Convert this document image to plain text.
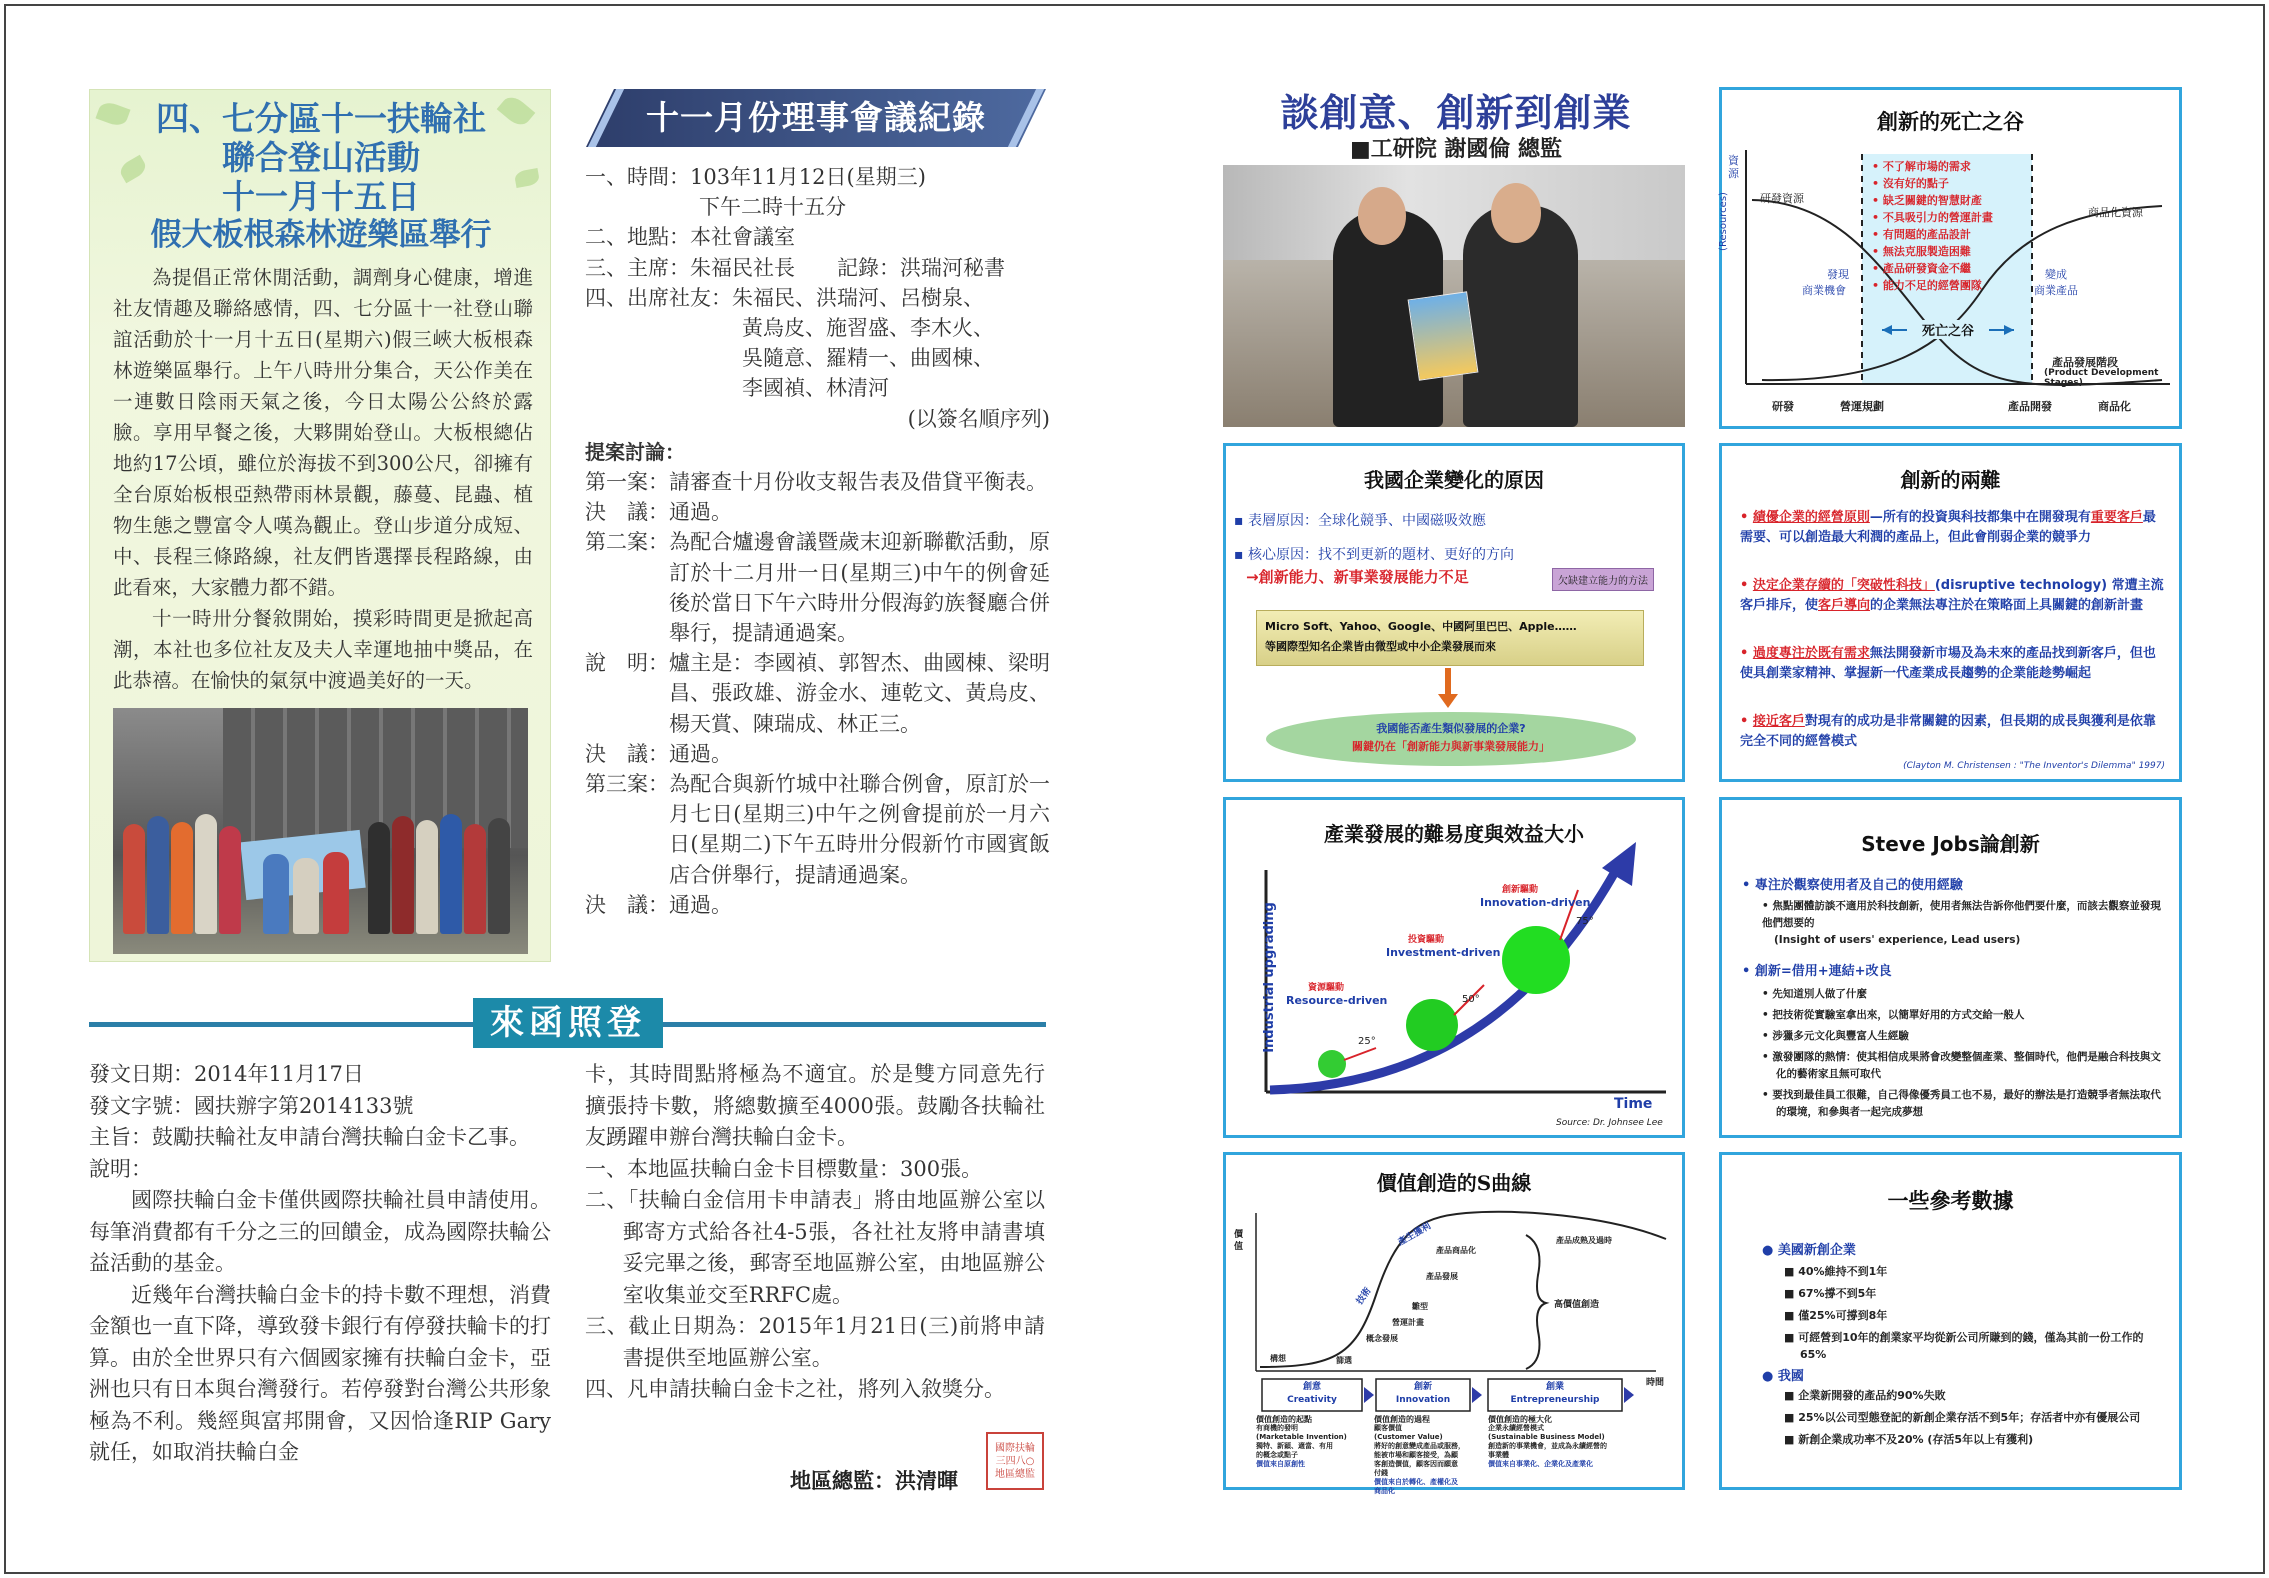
四、七分區十一扶輪社
聯合登山活動
十一月十五日
假大板根森林遊樂區舉行

為提倡正常休閒活動，調劑身心健康，增進社友情趣及聯絡感情，四、七分區十一社登山聯誼活動於十一月十五日(星期六)假三峽大板根森林遊樂區舉行。上午八時卅分集合，天公作美在一連數日陰雨天氣之後，今日太陽公公終於露臉。享用早餐之後，大夥開始登山。大板根總佔地約17公頃，雖位於海拔不到300公尺，卻擁有全台原始板根亞熱帶雨林景觀，藤蔓、昆蟲、植物生態之豐富令人嘆為觀止。登山步道分成短、中、長程三條路線，社友們皆選擇長程路線，由此看來，大家體力都不錯。

十一時卅分餐敘開始，摸彩時間更是掀起高潮，本社也多位社友及夫人幸運地抽中獎品，在此恭禧。在愉快的氣氛中渡過美好的一天。

十一月份理事會議紀錄
一、時間： 103年11月12日(星期三)
下午二時十五分
二、地點： 本社會議室
三、主席： 朱福民社長　　記錄：洪瑞河秘書
四、出席社友： 朱福民、洪瑞河、呂樹泉、
黃烏皮、施習盛、李木火、
吳隨意、羅精一、曲國棟、
李國禎、林清河
(以簽名順序列)
提案討論：
第一案： 請審查十月份收支報告表及借貸平衡表。
決　議： 通過。
第二案： 為配合爐邊會議暨歲末迎新聯歡活動，原訂於十二月卅一日(星期三)中午的例會延後於當日下午六時卅分假海釣族餐廳合併舉行，提請通過案。
說　明： 爐主是：李國禎、郭智杰、曲國棟、梁明昌、張政雄、游金水、連乾文、黃烏皮、楊天賞、陳瑞成、林正三。
決　議： 通過。
第三案： 為配合與新竹城中社聯合例會，原訂於一月七日(星期三)中午之例會提前於一月六日(星期二)下午五時卅分假新竹市國賓飯店合併舉行，提請通過案。
決　議： 通過。
來函照登
發文日期：2014年11月17日
發文字號：國扶辦字第2014133號
主旨：鼓勵扶輪社友申請台灣扶輪白金卡乙事。
說明：
國際扶輪白金卡僅供國際扶輪社員申請使用。每筆消費都有千分之三的回饋金，成為國際扶輪公益活動的基金。
近幾年台灣扶輪白金卡的持卡數不理想，消費金額也一直下降，導致發卡銀行有停發扶輪卡的打算。由於全世界只有六個國家擁有扶輪白金卡，亞洲也只有日本與台灣發行。若停發對台灣公共形象極為不利。幾經與富邦開會，又因恰逢RIP Gary就任，如取消扶輪白金
卡，其時間點將極為不適宜。於是雙方同意先行擴張持卡數，將總數擴至4000張。鼓勵各扶輪社友踴躍申辦台灣扶輪白金卡。
一、本地區扶輪白金卡目標數量：300張。
二、「扶輪白金信用卡申請表」將由地區辦公室以郵寄方式給各社4-5張，各社社友將申請書填妥完畢之後，郵寄至地區辦公室，由地區辦公室收集並交至RRFC處。
三、截止日期為：2015年1月21日(三)前將申請書提供至地區辦公室。
四、凡申請扶輪白金卡之社，將列入敘獎分。
地區總監：洪清暉
國際扶輪三四八○地區總監
談創意、創新到創業
■工研院 謝國倫 總監
創新的死亡之谷
資源
(Resources)
• 不了解市場的需求
• 沒有好的點子
• 缺乏關鍵的智慧財產
• 不具吸引力的營運計畫
• 有問題的產品設計
• 無法克服製造困難
• 產品研發資金不繼
• 能力不足的經營團隊
研發資源
商品化資源
發現
商業機會
變成
商業產品
死亡之谷
產品發展階段
(Product Development Stages)
研發	營運規劃	產品開發	商品化
我國企業變化的原因
▪ 表層原因：全球化競爭、中國磁吸效應
▪ 核心原因：找不到更新的題材、更好的方向
→創新能力、新事業發展能力不足	欠缺建立能力的方法
Micro Soft、Yahoo、Google、中國阿里巴巴、Apple……
等國際型知名企業皆由微型或中小企業發展而來
我國能否產生類似發展的企業?
關鍵仍在「創新能力與新事業發展能力」
創新的兩難
• 績優企業的經營原則—所有的投資與科技都集中在開發現有重要客戶最需要、可以創造最大利潤的產品上，但此會削弱企業的競爭力
• 決定企業存續的「突破性科技」(disruptive technology) 常遭主流客戶排斥，使客戶導向的企業無法專注於在策略面上具關鍵的創新計畫
• 過度專注於既有需求無法開發新市場及為未來的產品找到新客戶，但也使具創業家精神、掌握新一代產業成長趨勢的企業能趁勢崛起
• 接近客戶對現有的成功是非常關鍵的因素，但長期的成長與獲利是依靠完全不同的經營模式
(Clayton M. Christensen : "The Inventor's Dilemma" 1997)
產業發展的難易度與效益大小
Industrial upgrading
Time
Source: Dr. Johnsee Lee
資源驅動
Resource-driven
25°
投資驅動
Investment-driven
50°
創新驅動
Innovation-driven
75°
Steve Jobs論創新
• 專注於觀察使用者及自己的使用經驗
• 焦點團體訪談不適用於科技創新，使用者無法告訴你他們要什麼，而該去觀察並發現他們想要的
(Insight of users' experience, Lead users)
• 創新=借用+連結+改良
• 先知道別人做了什麼
• 把技術從實驗室拿出來，以簡單好用的方式交給一般人
• 涉獵多元文化與豐富人生經驗
• 激發團隊的熱情：使其相信成果將會改變整個產業、整個時代，他們是融合科技與文化的藝術家且無可取代
• 要找到最佳員工很難，自己得像優秀員工也不易，最好的辦法是打造競爭者無法取代的環境，和參與者一起完成夢想
價值創造的S曲線
價值
時間
產生獲利
產品商品化
產品發展
技術	雛型
營運計畫
概念發展
構想	篩選
產品成熟及過時
高價值創造
創意
Creativity
創新
Innovation
創業
Entrepreneurship
價值創造的起點
有商機的發明
(Marketable Invention)
獨特、新穎、適當、有用
的概念或點子
價值來自原創性
價值創造的過程
顧客價值
(Customer Value)
將好的創意變成產品或服務，
能被市場和顧客接受，為顧
客創造價值，顧客因而願意
付錢
價值來自於轉化、產權化及
商品化
價值創造的極大化
企業永續經營模式
(Sustainable Business Model)
創造新的事業機會，並成為永續經營的
事業體
價值來自事業化、企業化及產業化
一些參考數據
● 美國新創企業
■ 40%維持不到1年
■ 67%撐不到5年
■ 僅25%可撐到8年
■ 可經營到10年的創業家平均從新公司所賺到的錢，僅為其前一份工作的65%
● 我國
■ 企業新開發的產品約90%失敗
■ 25%以公司型態登記的新創企業存活不到5年；存活者中亦有優展公司
■ 新創企業成功率不及20% (存活5年以上有獲利)
